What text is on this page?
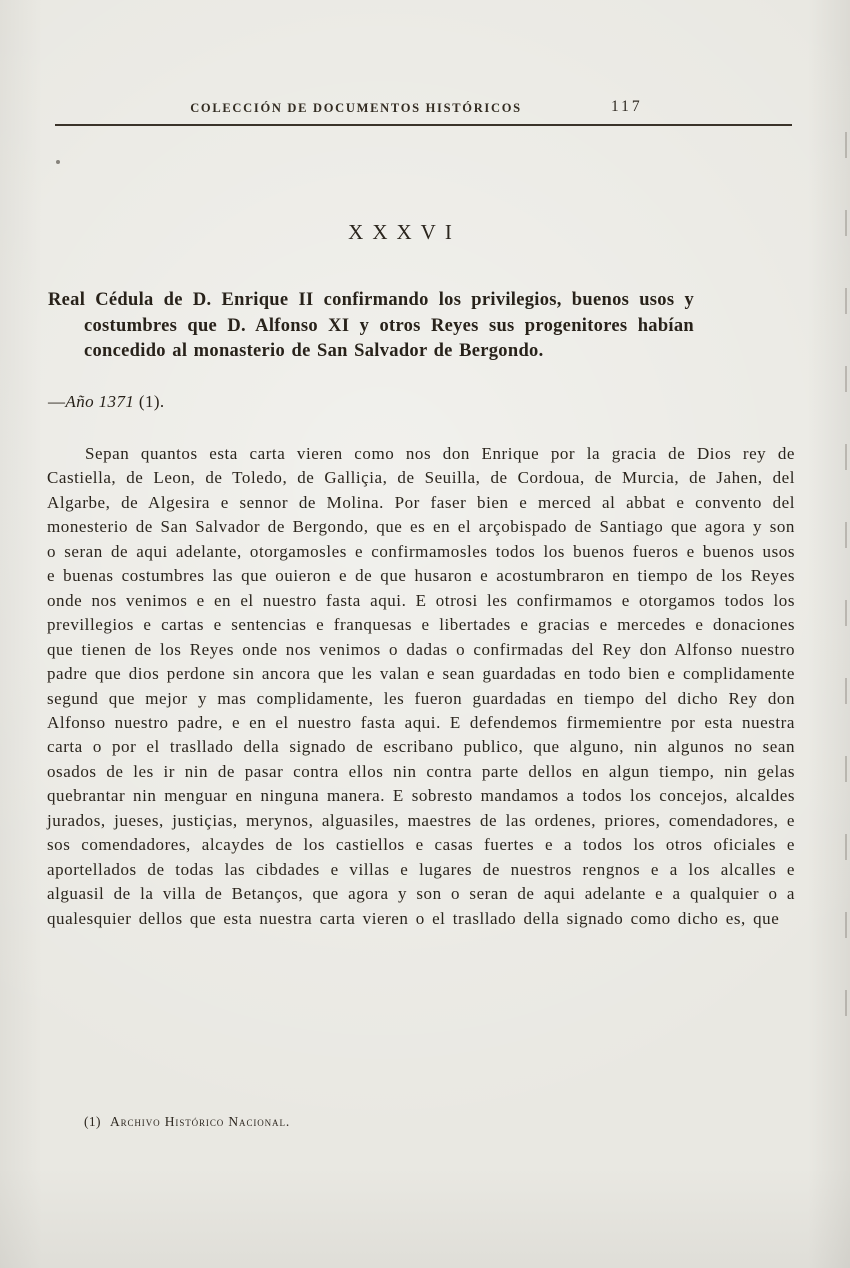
COLECCIÓN DE DOCUMENTOS HISTÓRICOS	117
XXXVI
Real Cédula de D. Enrique II confirmando los privilegios, buenos usos y costumbres que D. Alfonso XI y otros Reyes sus progenitores habían concedido al monasterio de San Salvador de Bergondo.

—Año 1371 (1).

Sepan quantos esta carta vieren como nos don Enrique por la gracia de Dios rey de Castiella, de Leon, de Toledo, de Galliçia, de Seuilla, de Cordoua, de Murcia, de Jahen, del Algarbe, de Algesira e sennor de Molina. Por faser bien e merced al abbat e convento del monesterio de San Salvador de Bergondo, que es en el arçobispado de Santiago que agora y son o seran de aqui adelante, otorgamosles e confirmamosles todos los buenos fueros e buenos usos e buenas costumbres las que ouieron e de que husaron e acostumbraron en tiempo de los Reyes onde nos venimos e en el nuestro fasta aqui. E otrosi les confirmamos e otorgamos todos los previllegios e cartas e sentencias e franquesas e libertades e gracias e mercedes e donaciones que tienen de los Reyes onde nos venimos o dadas o confirmadas del Rey don Alfonso nuestro padre que dios perdone sin ancora que les valan e sean guardadas en todo bien e complidamente segund que mejor y mas complidamente, les fueron guardadas en tiempo del dicho Rey don Alfonso nuestro padre, e en el nuestro fasta aqui. E defendemos firmemientre por esta nuestra carta o por el trasllado della signado de escribano publico, que alguno, nin algunos no sean osados de les ir nin de pasar contra ellos nin contra parte dellos en algun tiempo, nin gelas quebrantar nin menguar en ninguna manera. E sobresto mandamos a todos los concejos, alcaldes jurados, jueses, justiçias, merynos, alguasiles, maestres de las ordenes, priores, comendadores, e sos comendadores, alcaydes de los castiellos e casas fuertes e a todos los otros oficiales e aportellados de todas las cibdades e villas e lugares de nuestros rengnos e a los alcalles e alguasil de la villa de Betanços, que agora y son o seran de aqui adelante e a qualquier o a qualesquier dellos que esta nuestra carta vieren o el trasllado della signado como dicho es, que

(1) Archivo Histórico Nacional.
